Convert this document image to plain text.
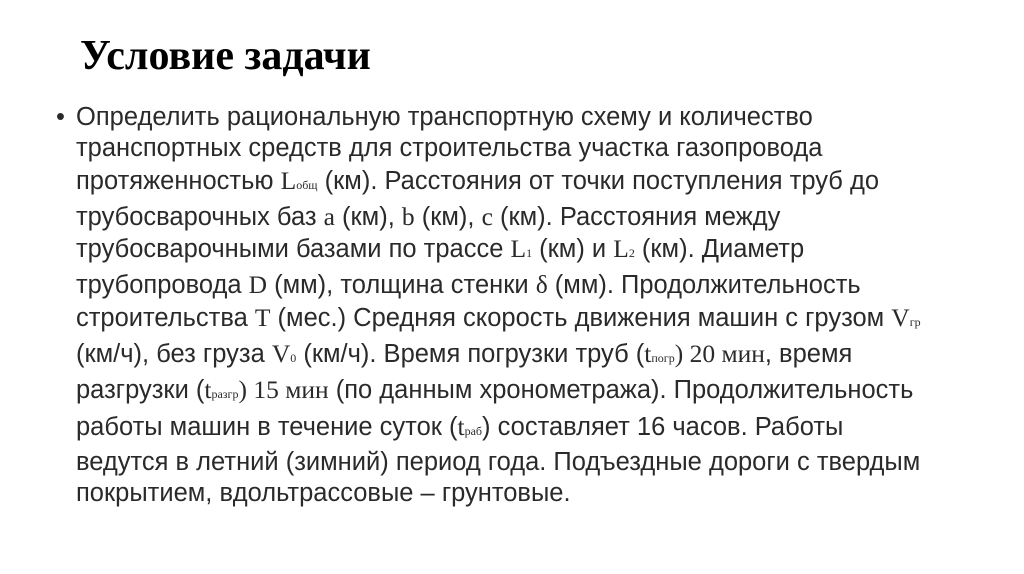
Условие задачи
• Определить рациональную транспортную схему и количество транспортных средств для строительства участка газопровода протяженностью Lобщ (км). Расстояния от точки поступления труб до трубосварочных баз а (км), b (км), с (км). Расстояния между трубосварочными базами по трассе L1 (км) и L2 (км). Диаметр трубопровода D (мм), толщина стенки δ (мм). Продолжительность строительства Т (мес.) Средняя скорость движения машин с грузом Vгр (км/ч), без груза V0 (км/ч). Время погрузки труб (tпогр) 20 мин, время разгрузки (tразгр) 15 мин (по данным хронометража). Продолжительность работы машин в течение суток (tраб) составляет 16 часов. Работы ведутся в летний (зимний) период года. Подъездные дороги с твердым покрытием, вдольтрассовые – грунтовые.
